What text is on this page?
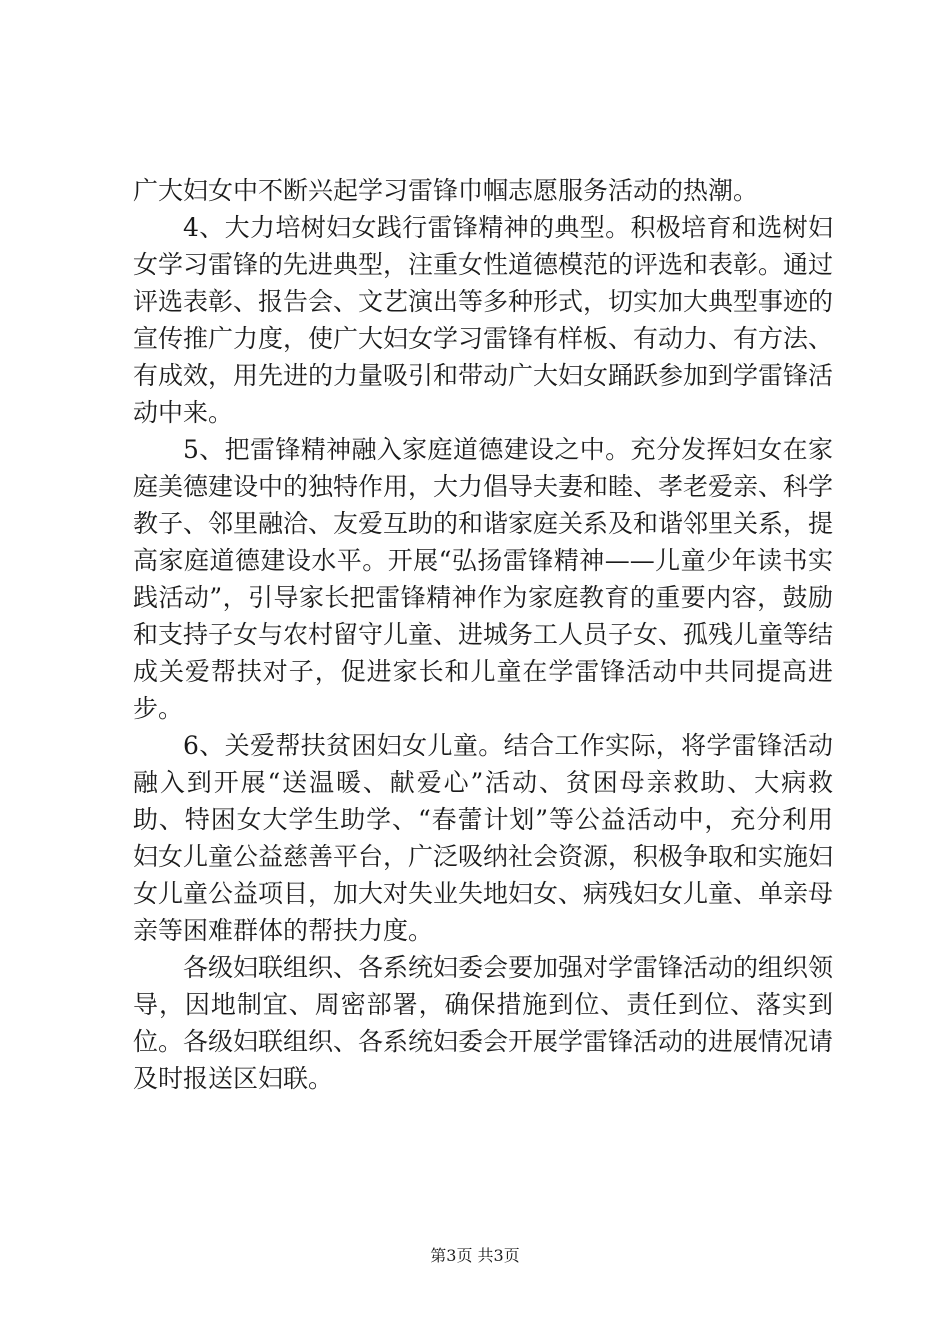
广大妇女中不断兴起学习雷锋巾帼志愿服务活动的热潮。

4、大力培树妇女践行雷锋精神的典型。积极培育和选树妇女学习雷锋的先进典型，注重女性道德模范的评选和表彰。通过评选表彰、报告会、文艺演出等多种形式，切实加大典型事迹的宣传推广力度，使广大妇女学习雷锋有样板、有动力、有方法、有成效，用先进的力量吸引和带动广大妇女踊跃参加到学雷锋活动中来。

5、把雷锋精神融入家庭道德建设之中。充分发挥妇女在家庭美德建设中的独特作用，大力倡导夫妻和睦、孝老爱亲、科学教子、邻里融洽、友爱互助的和谐家庭关系及和谐邻里关系，提高家庭道德建设水平。开展“弘扬雷锋精神——儿童少年读书实践活动”，引导家长把雷锋精神作为家庭教育的重要内容，鼓励和支持子女与农村留守儿童、进城务工人员子女、孤残儿童等结成关爱帮扶对子，促进家长和儿童在学雷锋活动中共同提高进步。

6、关爱帮扶贫困妇女儿童。结合工作实际，将学雷锋活动融入到开展“送温暖、献爱心”活动、贫困母亲救助、大病救助、特困女大学生助学、“春蕾计划”等公益活动中，充分利用妇女儿童公益慈善平台，广泛吸纳社会资源，积极争取和实施妇女儿童公益项目，加大对失业失地妇女、病残妇女儿童、单亲母亲等困难群体的帮扶力度。

各级妇联组织、各系统妇委会要加强对学雷锋活动的组织领导，因地制宜、周密部署，确保措施到位、责任到位、落实到位。各级妇联组织、各系统妇委会开展学雷锋活动的进展情况请及时报送区妇联。

第3页 共3页
